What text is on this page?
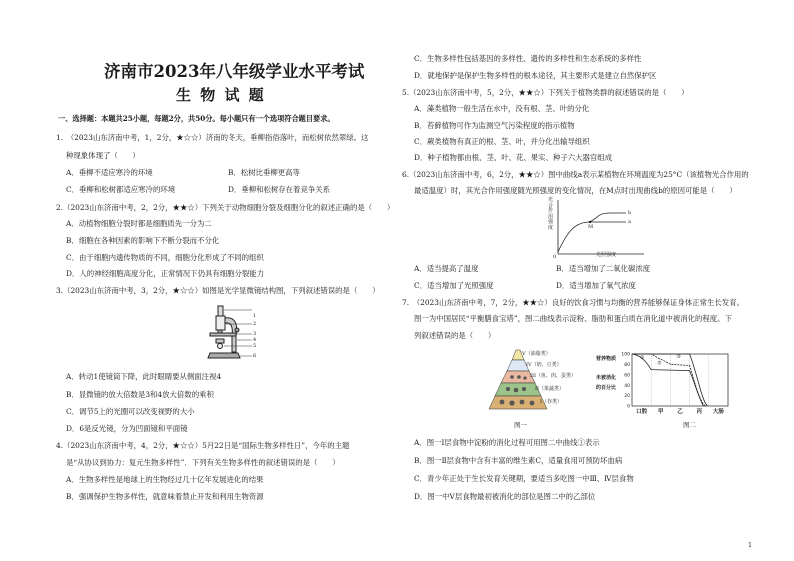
济南市2023年八年级学业水平考试
生 物 试 题
一、选择题：本题共25小题，每题2分，共50分。每小题只有一个选项符合题目要求。
1.　（2023山东济南中考，1，2分，★☆☆）济南的冬天，垂柳指俗落叶，而松树依然翠绿。这
种现象体现了（　　）
A．垂柳不适应寒冷的环境	B．松树比垂柳更高等
C．垂柳和松树都适应寒冷的环境	D．垂柳和松树存在着竞争关系
2.（2023山东济南中考，2，2分，★★☆）下列关于动物细胞分裂及细胞分化的叙述正确的是（　　）
A．动植物细胞分裂时都是细胞质先一分为二
B．细胞在各种因素的影响下不断分裂而不分化
C．由于细胞内遗传物质的不同，细胞分化形成了不同的组织
D．人的神经细胞高度分化，正常情况下仍具有细胞分裂能力
3.（2023山东济南中考，3，2分，★☆☆）如图是光学显微镜结构图，下列叙述错误的是（　　）
1
2
3
4
5
6
A．转动1使镜筒下降，此时眼睛要从侧面注视4
B．显微镜的放大倍数是3和4放大倍数的乘积
C．调节5上的光圈可以改变视野的大小
D．6是反光镜，分为凹面镜和平面镜
4.（2023山东济南中考，4，2分，★☆☆）5月22日是“国际生物多样性日”，今年的主题
是“从协议到协力：复元生物多样性”．下列有关生物多样性的叙述错误的是（　　）
A．生物多样性是地球上的生物经过几十亿年发展进化的结果
B．强调保护生物多样性，就意味着禁止开发和利用生物资源
C．生物多样性包括基因的多样性、遗传的多样性和生态系统的多样性
D．就地保护是保护生物多样性的根本途径，其主要形式是建立自然保护区
5.（2023山东济南中考，5，2分，★★☆）下列关于植物类群的叙述错误的是（　　）
A．藻类植物一般生活在水中，没有根、茎、叶的分化
B．苔藓植物可作为监测空气污染程度的指示植物
C．蕨类植物有真正的根、茎、叶，并分化出输导组织
D．种子植物都由根、茎、叶、花、果实、种子六大器官组成
6.（2023山东济南中考，6，2分，★★☆）图中曲线a表示某植物在环境温度为25°C（该植物光合作用的
最适温度）时，其光合作用强度随光照强度的变化情况，在M点时出现曲线b的原因可能是（　　）
光合作用强度
光照强度
b
a
M
0
A．适当提高了温度	B．适当增加了二氧化碳浓度
C．适当增加了光照强度	D．适当增加了氧气浓度
7.　（2023山东济南中考，7，2分，★★☆）良好的饮食习惯与均衡的营养能够保证身体正常生长发育。
图一为中国居民“平衡膳食宝塔”，图二曲线表示淀粉、脂肪和蛋白质在消化道中被消化的程度。下
列叙述错误的是（　　）
V（油脂类）
IV（奶、豆类）
III（鱼、肉、蛋类）
II（果蔬类）
I（谷类）
图一
100
80
60
40
20
0
口腔 甲 乙 丙 大肠
①
②
③
营养物质
未被消化
的百分比
图二
A．图一Ⅰ层食物中淀粉的消化过程可用图二中曲线①表示
B．图一Ⅱ层食物中含有丰富的维生素C，适量食用可预防坏血病
C．青少年正处于生长发育关键期，要适当多吃图一中Ⅲ、Ⅳ层食物
D．图一中Ⅴ层食物最初被消化的部位是图二中的乙部位
1
